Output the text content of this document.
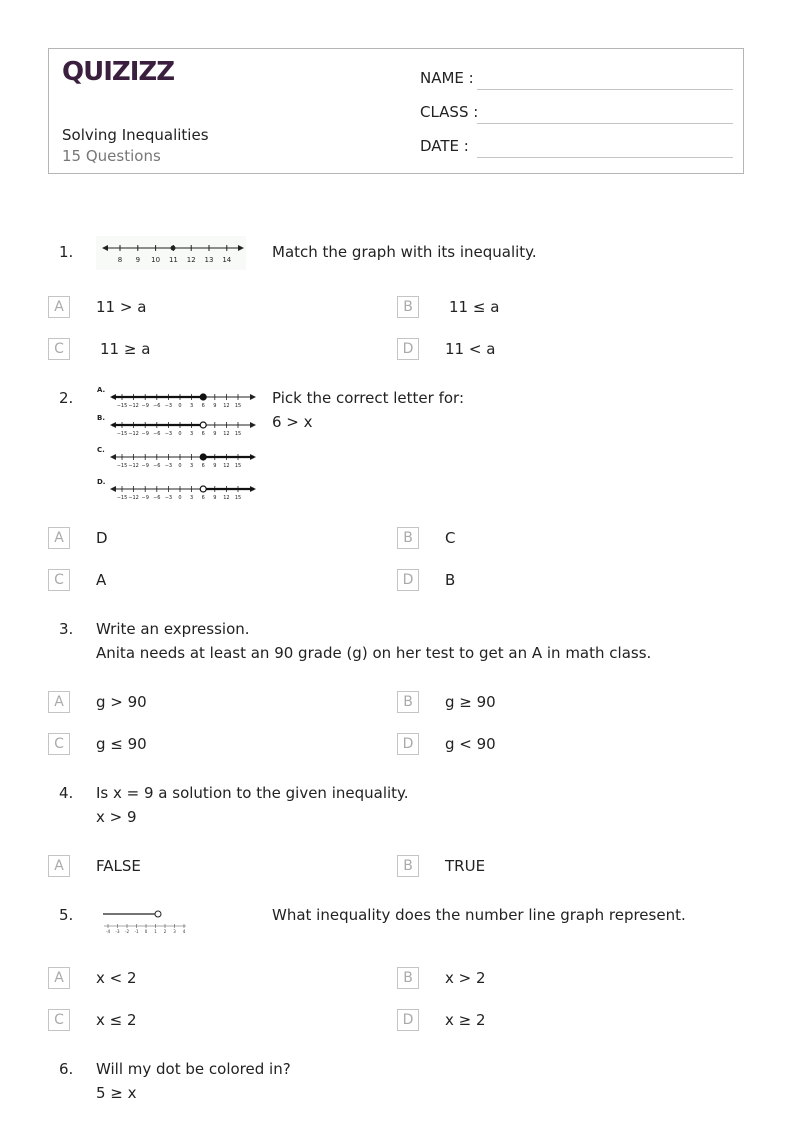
QUIZIZZ
Solving Inequalities
15 Questions
NAME :
CLASS :
DATE :
1.	8 9 10 11 12 13 14	Match the graph with its inequality.
A	11 > a	B	11 ≤ a
C	11 ≥ a	D	11 < a
2.	A.
−15 −12 −9 −6 −3 0 3 6 9 12 15
B.
−15 −12 −9 −6 −3 0 3 6 9 12 15
C.
−15 −12 −9 −6 −3 0 3 6 9 12 15
D.
−15 −12 −9 −6 −3 0 3 6 9 12 15
Pick the correct letter for:
6 > x
A	D	B	C
C	A	D	B
3. Write an expression.
Anita needs at least an 90 grade (g) on her test to get an A in math class.
A	g > 90	B	g ≥ 90
C	g ≤ 90	D	g < 90
4. Is x = 9 a solution to the given inequality.
x > 9
A	FALSE	B	TRUE
5.
-4 -3 -2 -1 0 1 2 3 4
What inequality does the number line graph represent.
A	x < 2	B	x > 2
C	x ≤ 2	D	x ≥ 2
6. Will my dot be colored in?
5 ≥ x
